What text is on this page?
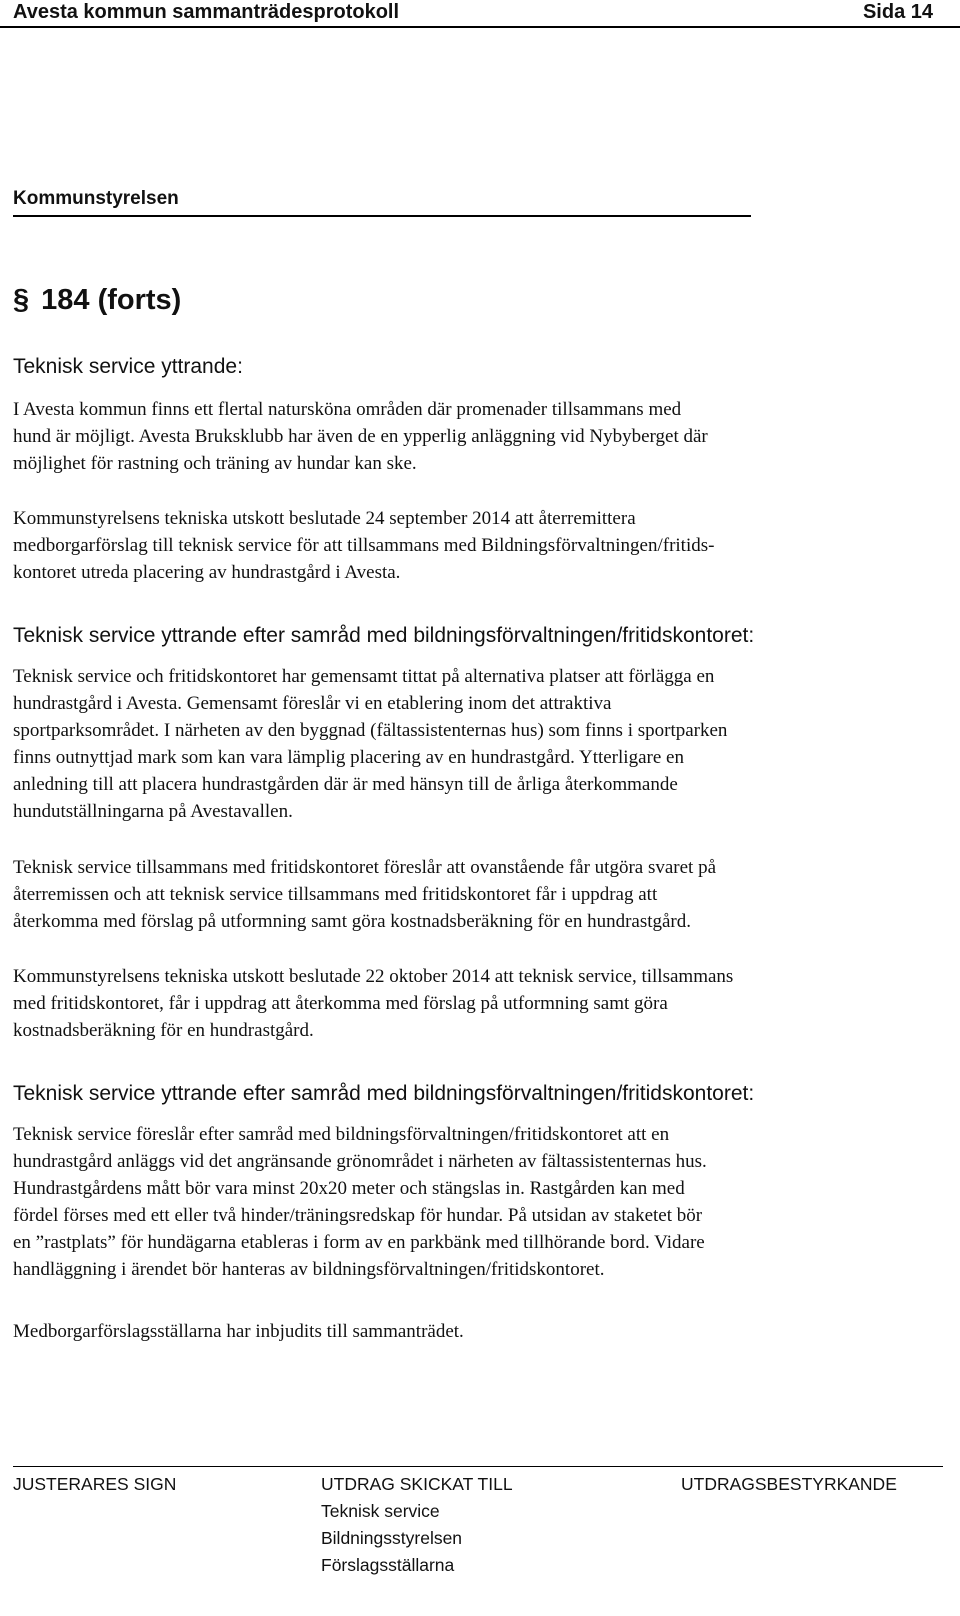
Avesta kommun sammanträdesprotokoll	Sida 14
Kommunstyrelsen
§ 184 (forts)
Teknisk service yttrande:

I Avesta kommun finns ett flertal natursköna områden där promenader tillsammans med
hund är möjligt. Avesta Bruksklubb har även de en ypperlig anläggning vid Nybyberget där
möjlighet för rastning och träning av hundar kan ske.

Kommunstyrelsens tekniska utskott beslutade 24 september 2014 att återremittera
medborgarförslag till teknisk service för att tillsammans med Bildningsförvaltningen/fritids-
kontoret utreda placering av hundrastgård i Avesta.

Teknisk service yttrande efter samråd med bildningsförvaltningen/fritidskontoret:

Teknisk service och fritidskontoret har gemensamt tittat på alternativa platser att förlägga en
hundrastgård i Avesta. Gemensamt föreslår vi en etablering inom det attraktiva
sportparksområdet. I närheten av den byggnad (fältassistenternas hus) som finns i sportparken
finns outnyttjad mark som kan vara lämplig placering av en hundrastgård. Ytterligare en
anledning till att placera hundrastgården där är med hänsyn till de årliga återkommande
hundutställningarna på Avestavallen.

Teknisk service tillsammans med fritidskontoret föreslår att ovanstående får utgöra svaret på
återremissen och att teknisk service tillsammans med fritidskontoret får i uppdrag att
återkomma med förslag på utformning samt göra kostnadsberäkning för en hundrastgård.

Kommunstyrelsens tekniska utskott beslutade 22 oktober 2014 att teknisk service, tillsammans
med fritidskontoret, får i uppdrag att återkomma med förslag på utformning samt göra
kostnadsberäkning för en hundrastgård.

Teknisk service yttrande efter samråd med bildningsförvaltningen/fritidskontoret:

Teknisk service föreslår efter samråd med bildningsförvaltningen/fritidskontoret att en
hundrastgård anläggs vid det angränsande grönområdet i närheten av fältassistenternas hus.
Hundrastgårdens mått bör vara minst 20x20 meter och stängslas in. Rastgården kan med
fördel förses med ett eller två hinder/träningsredskap för hundar. På utsidan av staketet bör
en ”rastplats” för hundägarna etableras i form av en parkbänk med tillhörande bord. Vidare
handläggning i ärendet bör hanteras av bildningsförvaltningen/fritidskontoret.

Medborgarförslagsställarna har inbjudits till sammanträdet.

JUSTERARES SIGN	UTDRAG SKICKAT TILL
Teknisk service
Bildningsstyrelsen
Förslagsställarna
UTDRAGSBESTYRKANDE
